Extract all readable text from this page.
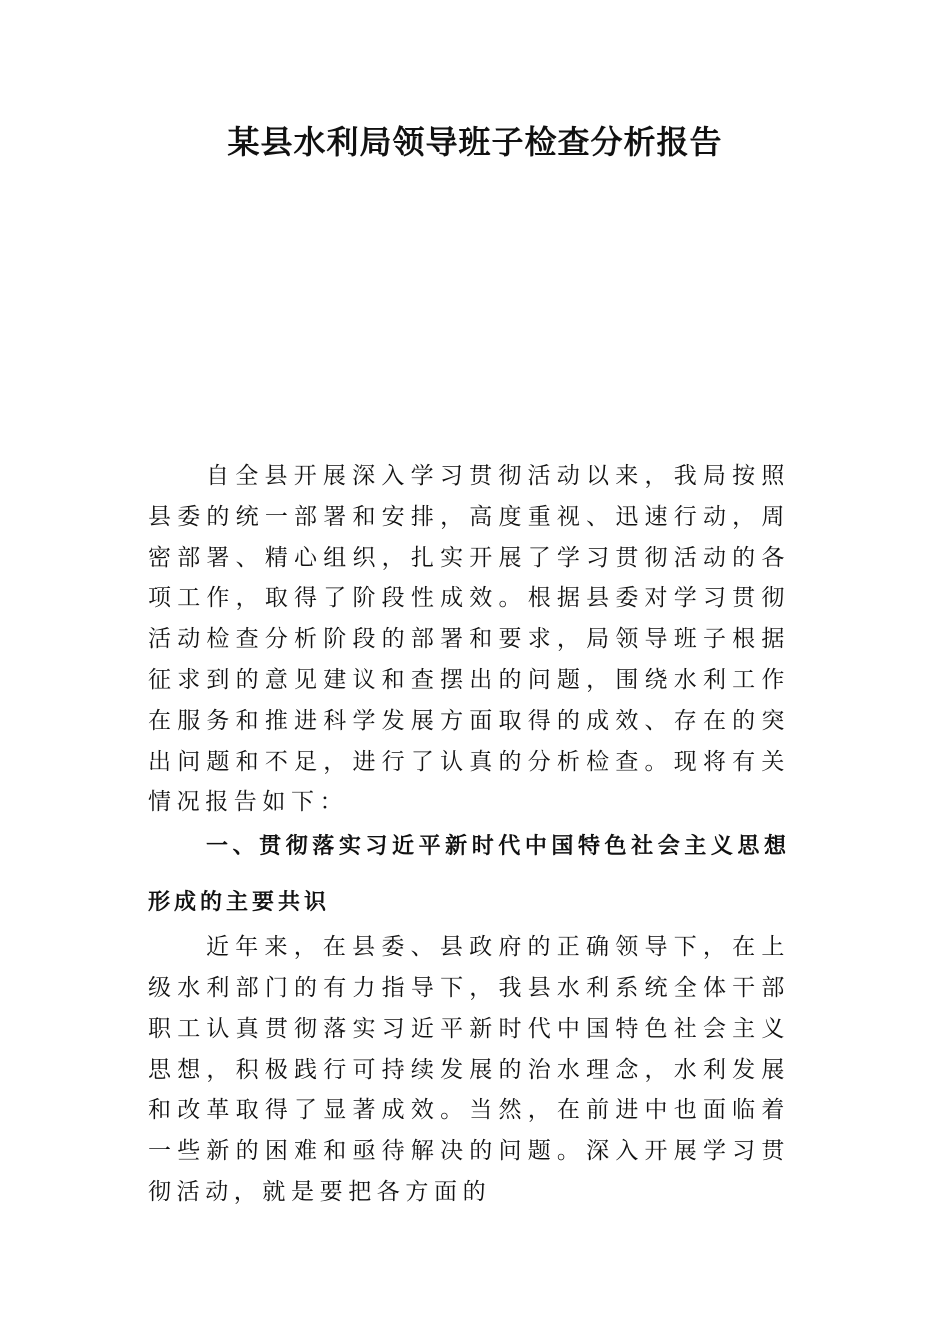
某县水利局领导班子检查分析报告

自全县开展深入学习贯彻活动以来，我局按照县委的统一部署和安排，高度重视、迅速行动，周密部署、精心组织，扎实开展了学习贯彻活动的各项工作，取得了阶段性成效。根据县委对学习贯彻活动检查分析阶段的部署和要求，局领导班子根据征求到的意见建议和查摆出的问题，围绕水利工作在服务和推进科学发展方面取得的成效、存在的突出问题和不足，进行了认真的分析检查。现将有关情况报告如下：

一、贯彻落实习近平新时代中国特色社会主义思想形成的主要共识

近年来，在县委、县政府的正确领导下，在上级水利部门的有力指导下，我县水利系统全体干部职工认真贯彻落实习近平新时代中国特色社会主义思想，积极践行可持续发展的治水理念，水利发展和改革取得了显著成效。当然，在前进中也面临着一些新的困难和亟待解决的问题。深入开展学习贯彻活动，就是要把各方面的
